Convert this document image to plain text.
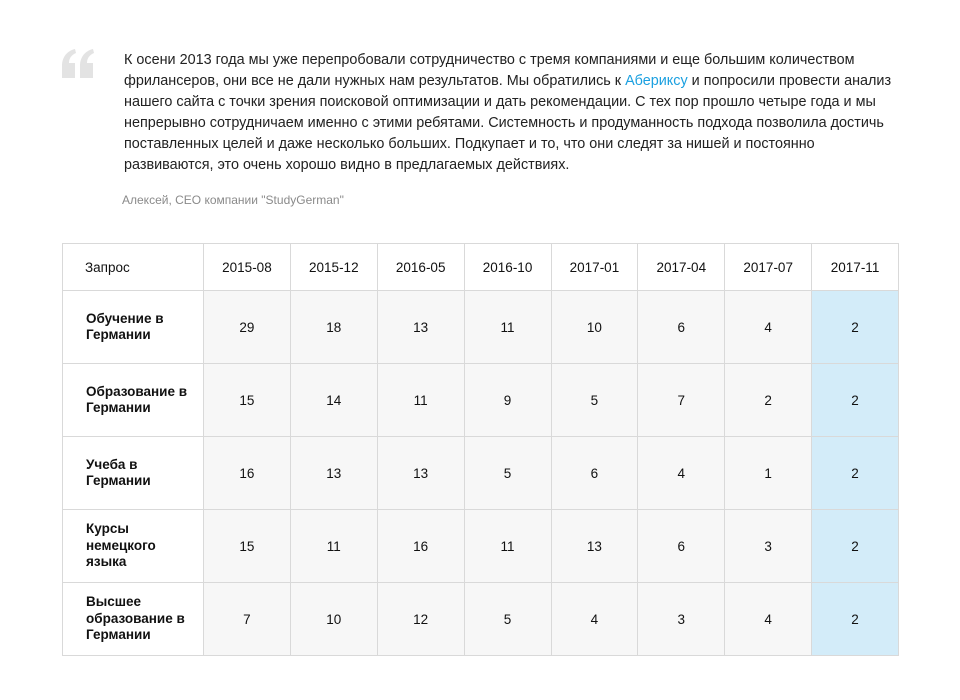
К осени 2013 года мы уже перепробовали сотрудничество с тремя компаниями и еще большим количеством фрилансеров, они все не дали нужных нам результатов. Мы обратились к Абериксу и попросили провести анализ нашего сайта с точки зрения поисковой оптимизации и дать рекомендации. С тех пор прошло четыре года и мы непрерывно сотрудничаем именно с этими ребятами. Системность и продуманность подхода позволила достичь поставленных целей и даже несколько больших. Подкупает и то, что они следят за нишей и постоянно развиваются, это очень хорошо видно в предлагаемых действиях.

Алексей, CEO компании "StudyGerman"
Запрос	2015-08	2015-12	2016-05	2016-10	2017-01	2017-04	2017-07	2017-11
Обучение в Германии	29	18	13	11	10	6	4	2
Образование в Германии	15	14	11	9	5	7	2	2
Учеба в Германии	16	13	13	5	6	4	1	2
Курсы немецкого языка	15	11	16	11	13	6	3	2
Высшее образование в Германии	7	10	12	5	4	3	4	2
